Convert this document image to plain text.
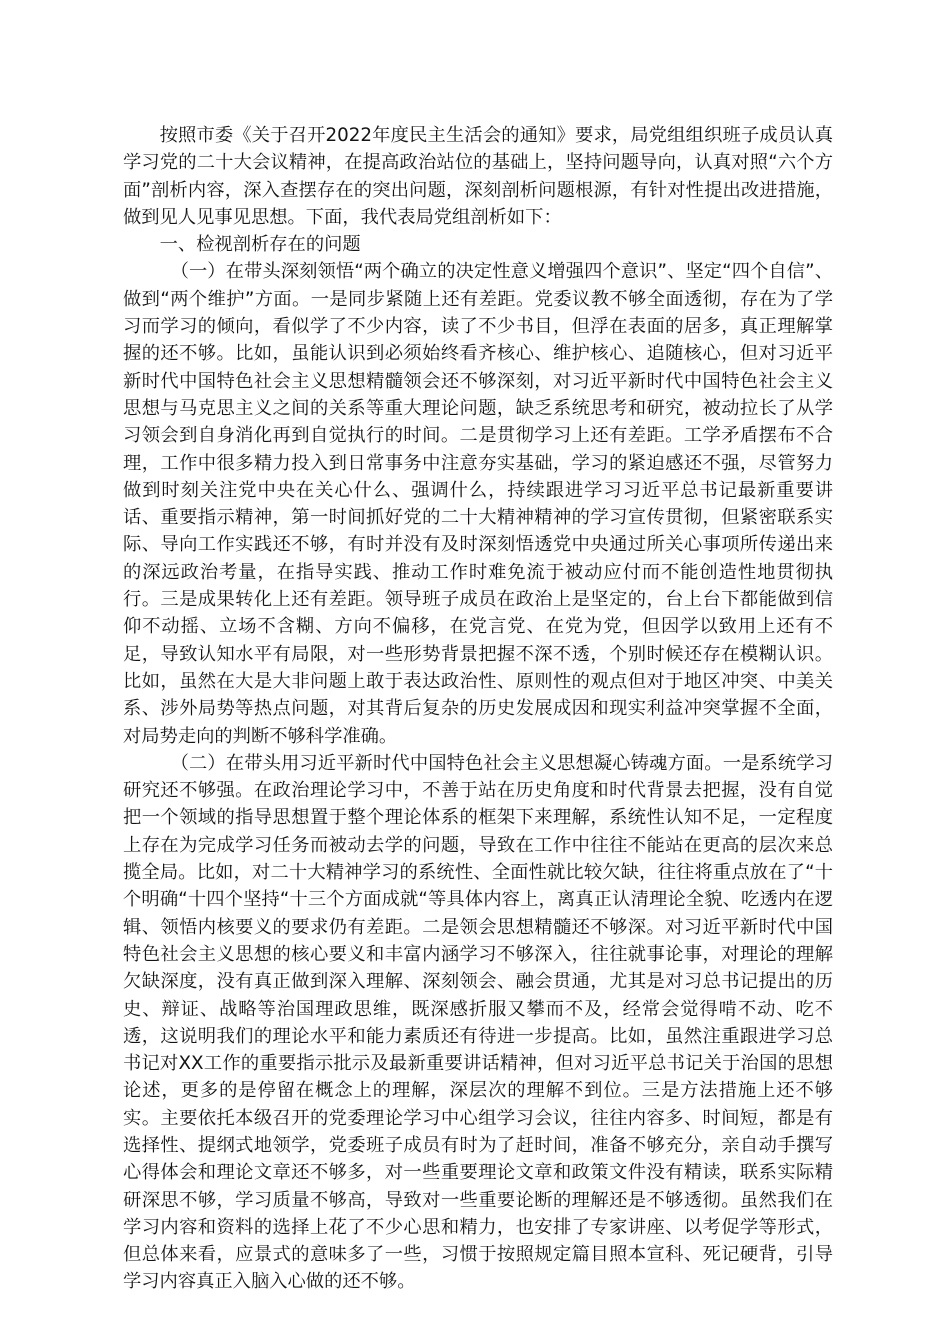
按照市委《关于召开2022年度民主生活会的通知》要求，局党组组织班子成员认真学习党的二十大会议精神，在提高政治站位的基础上，坚持问题导向，认真对照“六个方面”剖析内容，深入查摆存在的突出问题，深刻剖析问题根源，有针对性提出改进措施，做到见人见事见思想。下面，我代表局党组剖析如下：

一、检视剖析存在的问题

（一）在带头深刻领悟“两个确立的决定性意义增强四个意识”、坚定“四个自信”、做到“两个维护”方面。一是同步紧随上还有差距。党委议教不够全面透彻，存在为了学习而学习的倾向，看似学了不少内容，读了不少书目，但浮在表面的居多，真正理解掌握的还不够。比如，虽能认识到必须始终看齐核心、维护核心、追随核心，但对习近平新时代中国特色社会主义思想精髓领会还不够深刻，对习近平新时代中国特色社会主义思想与马克思主义之间的关系等重大理论问题，缺乏系统思考和研究，被动拉长了从学习领会到自身消化再到自觉执行的时间。二是贯彻学习上还有差距。工学矛盾摆布不合理，工作中很多精力投入到日常事务中注意夯实基础，学习的紧迫感还不强，尽管努力做到时刻关注党中央在关心什么、强调什么，持续跟进学习习近平总书记最新重要讲话、重要指示精神，第一时间抓好党的二十大精神精神的学习宣传贯彻，但紧密联系实际、导向工作实践还不够，有时并没有及时深刻悟透党中央通过所关心事项所传递出来的深远政治考量，在指导实践、推动工作时难免流于被动应付而不能创造性地贯彻执行。三是成果转化上还有差距。领导班子成员在政治上是坚定的，台上台下都能做到信仰不动摇、立场不含糊、方向不偏移，在党言党、在党为党，但因学以致用上还有不足，导致认知水平有局限，对一些形势背景把握不深不透，个别时候还存在模糊认识。比如，虽然在大是大非问题上敢于表达政治性、原则性的观点但对于地区冲突、中美关系、涉外局势等热点问题，对其背后复杂的历史发展成因和现实利益冲突掌握不全面，对局势走向的判断不够科学准确。

（二）在带头用习近平新时代中国特色社会主义思想凝心铸魂方面。一是系统学习研究还不够强。在政治理论学习中，不善于站在历史角度和时代背景去把握，没有自觉把一个领域的指导思想置于整个理论体系的框架下来理解，系统性认知不足，一定程度上存在为完成学习任务而被动去学的问题，导致在工作中往往不能站在更高的层次来总揽全局。比如，对二十大精神学习的系统性、全面性就比较欠缺，往往将重点放在了“十个明确“十四个坚持“十三个方面成就“等具体内容上，离真正认清理论全貌、吃透内在逻辑、领悟内核要义的要求仍有差距。二是领会思想精髓还不够深。对习近平新时代中国特色社会主义思想的核心要义和丰富内涵学习不够深入，往往就事论事，对理论的理解欠缺深度，没有真正做到深入理解、深刻领会、融会贯通，尤其是对习总书记提出的历史、辩证、战略等治国理政思维，既深感折服又攀而不及，经常会觉得啃不动、吃不透，这说明我们的理论水平和能力素质还有待进一步提高。比如，虽然注重跟进学习总书记对XX工作的重要指示批示及最新重要讲话精神，但对习近平总书记关于治国的思想论述，更多的是停留在概念上的理解，深层次的理解不到位。三是方法措施上还不够实。主要依托本级召开的党委理论学习中心组学习会议，往往内容多、时间短，都是有选择性、提纲式地领学，党委班子成员有时为了赶时间，准备不够充分，亲自动手撰写心得体会和理论文章还不够多，对一些重要理论文章和政策文件没有精读，联系实际精研深思不够，学习质量不够高，导致对一些重要论断的理解还是不够透彻。虽然我们在学习内容和资料的选择上花了不少心思和精力，也安排了专家讲座、以考促学等形式，但总体来看，应景式的意味多了一些，习惯于按照规定篇目照本宣科、死记硬背，引导学习内容真正入脑入心做的还不够。
